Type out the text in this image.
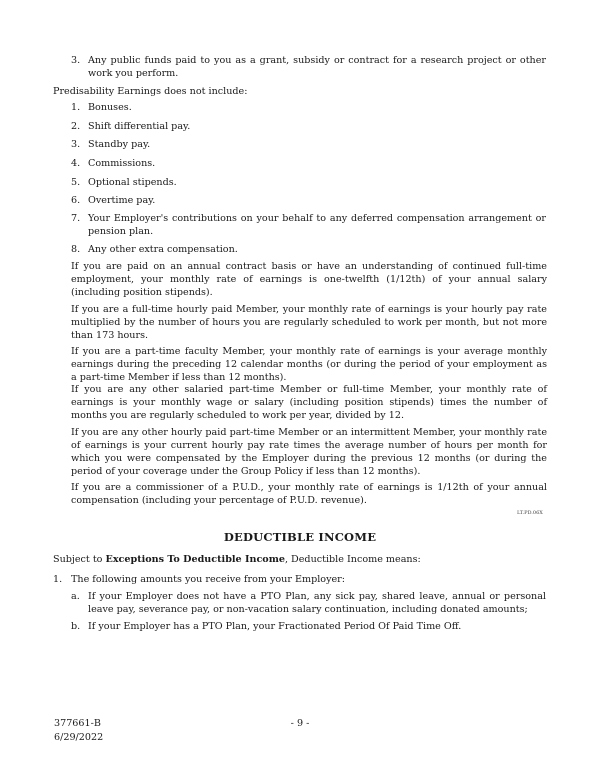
3. Any public funds paid to you as a grant, subsidy or contract for a research project or other work you perform.
Predisability Earnings does not include:
1. Bonuses.
2. Shift differential pay.
3. Standby pay.
4. Commissions.
5. Optional stipends.
6. Overtime pay.
7. Your Employer's contributions on your behalf to any deferred compensation arrangement or pension plan.
8. Any other extra compensation.

If you are paid on an annual contract basis or have an understanding of continued full-time employment, your monthly rate of earnings is one-twelfth (1/12th) of your annual salary (including position stipends).

If you are a full-time hourly paid Member, your monthly rate of earnings is your hourly pay rate multiplied by the number of hours you are regularly scheduled to work per month, but not more than 173 hours.

If you are a part-time faculty Member, your monthly rate of earnings is your average monthly earnings during the preceding 12 calendar months (or during the period of your employment as a part-time Member if less than 12 months).

If you are any other salaried part-time Member or full-time Member, your monthly rate of earnings is your monthly wage or salary (including position stipends) times the number of months you are regularly scheduled to work per year, divided by 12.

If you are any other hourly paid part-time Member or an intermittent Member, your monthly rate of earnings is your current hourly pay rate times the average number of hours per month for which you were compensated by the Employer during the previous 12 months (or during the period of your coverage under the Group Policy if less than 12 months).

If you are a commissioner of a P.U.D., your monthly rate of earnings is 1/12th of your annual compensation (including your percentage of P.U.D. revenue).

LT.PD.06X
DEDUCTIBLE INCOME
Subject to Exceptions To Deductible Income, Deductible Income means:
1. The following amounts you receive from your Employer:
a. If your Employer does not have a PTO Plan, any sick pay, shared leave, annual or personal leave pay, severance pay, or non-vacation salary continuation, including donated amounts;
b. If your Employer has a PTO Plan, your Fractionated Period Of Paid Time Off.
377661-B
6/29/2022
- 9 -
